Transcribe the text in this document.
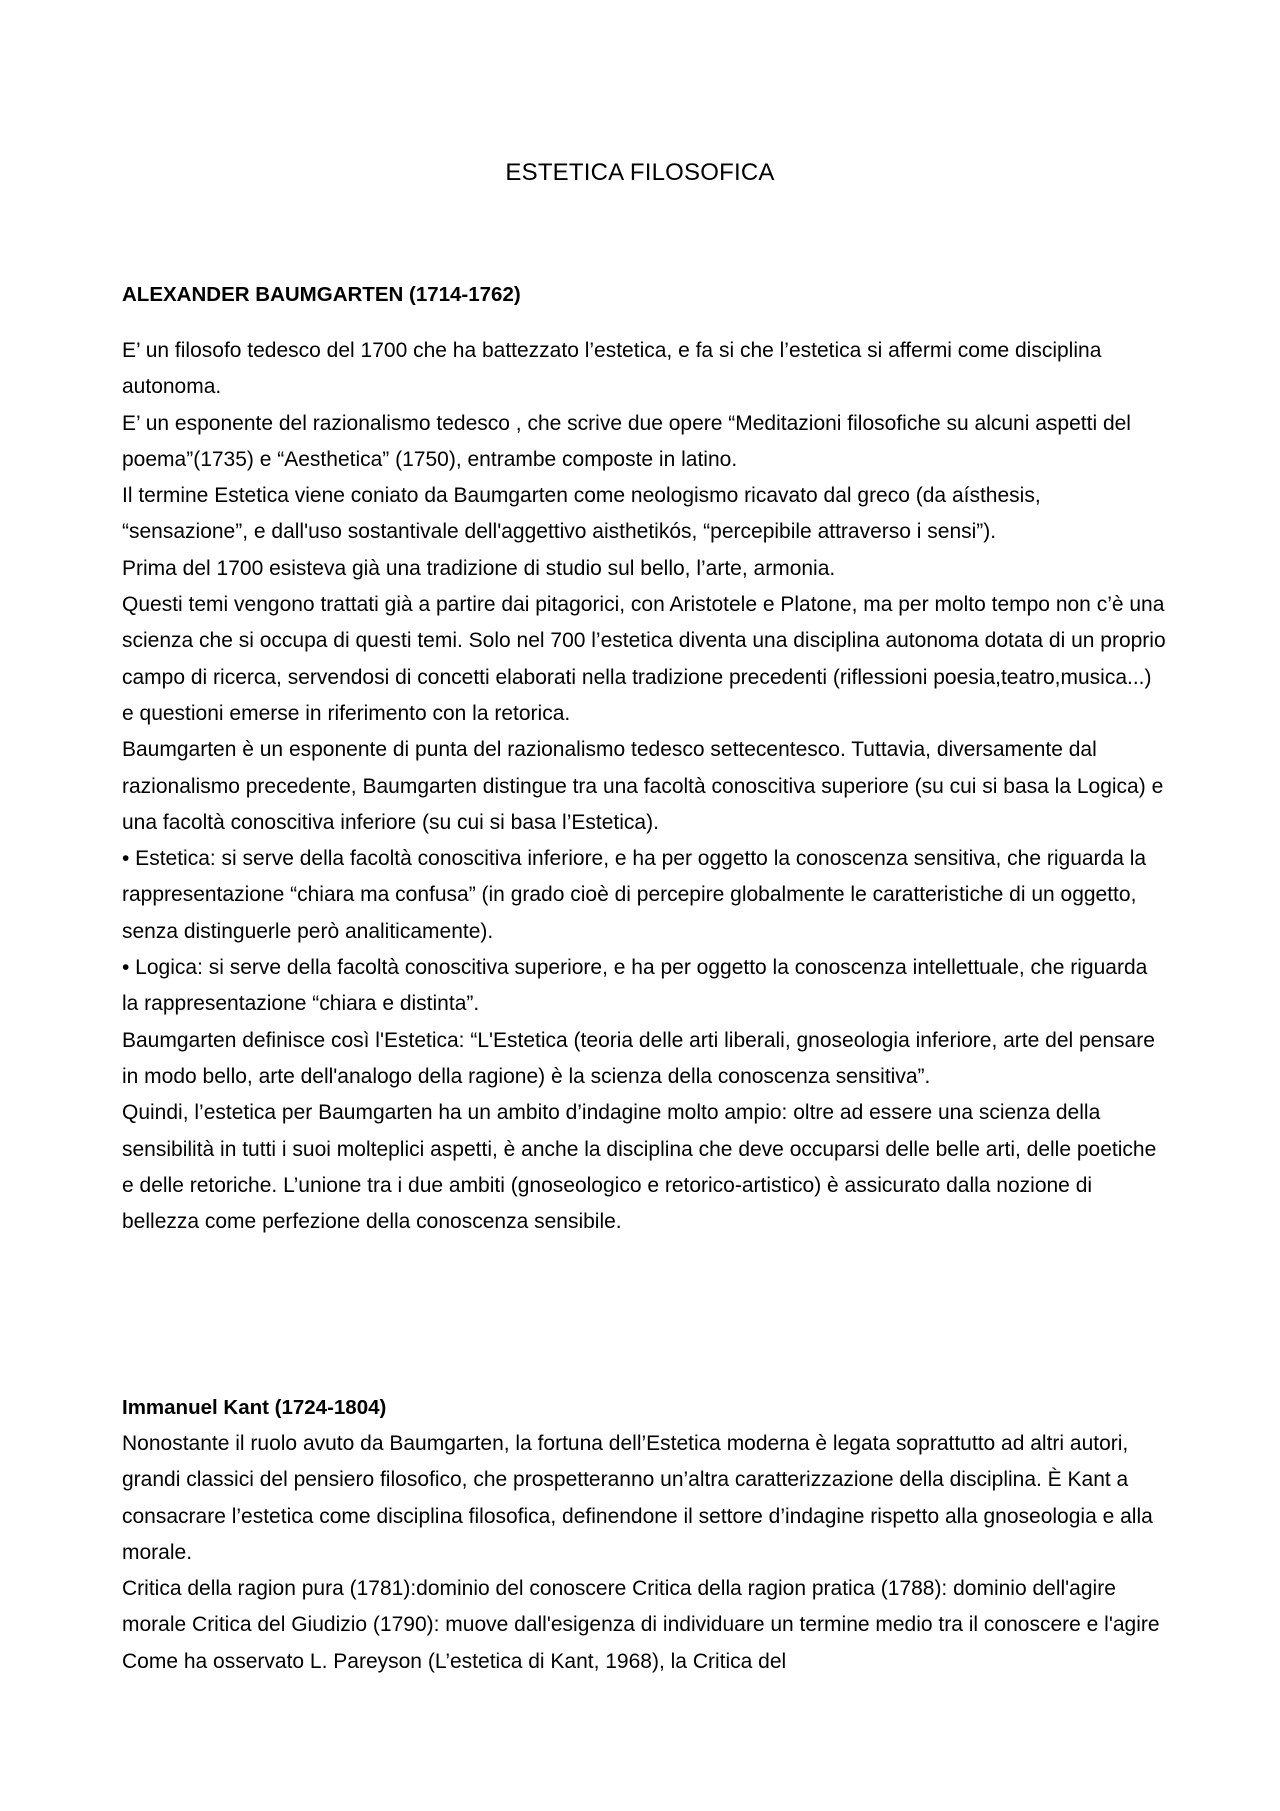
ESTETICA FILOSOFICA

ALEXANDER BAUMGARTEN (1714-1762)

E’ un filosofo tedesco del 1700 che ha battezzato l’estetica, e fa si che l’estetica si affermi come disciplina autonoma.

E’ un esponente del razionalismo tedesco , che scrive due opere “Meditazioni filosofiche su alcuni aspetti del poema”(1735) e “Aesthetica” (1750), entrambe composte in latino.

Il termine Estetica viene coniato da Baumgarten come neologismo ricavato dal greco (da aísthesis, “sensazione”, e dall'uso sostantivale dell'aggettivo aisthetikós, “percepibile attraverso i sensi”).

Prima del 1700 esisteva già una tradizione di studio sul bello, l’arte, armonia.

Questi temi vengono trattati già a partire dai pitagorici, con Aristotele e Platone, ma per molto tempo non c’è una scienza che si occupa di questi temi. Solo nel 700 l’estetica diventa una disciplina autonoma dotata di un proprio campo di ricerca, servendosi di concetti elaborati nella tradizione precedenti (riflessioni poesia,teatro,musica...) e questioni emerse in riferimento con la retorica.

Baumgarten è un esponente di punta del razionalismo tedesco settecentesco. Tuttavia, diversamente dal razionalismo precedente, Baumgarten distingue tra una facoltà conoscitiva superiore (su cui si basa la Logica) e una facoltà conoscitiva inferiore (su cui si basa l’Estetica).

• Estetica: si serve della facoltà conoscitiva inferiore, e ha per oggetto la conoscenza sensitiva, che riguarda la rappresentazione “chiara ma confusa” (in grado cioè di percepire globalmente le caratteristiche di un oggetto, senza distinguerle però analiticamente).

• Logica: si serve della facoltà conoscitiva superiore, e ha per oggetto la conoscenza intellettuale, che riguarda la rappresentazione “chiara e distinta”.

Baumgarten definisce così l'Estetica: “L'Estetica (teoria delle arti liberali, gnoseologia inferiore, arte del pensare in modo bello, arte dell'analogo della ragione) è la scienza della conoscenza sensitiva”.

Quindi, l’estetica per Baumgarten ha un ambito d’indagine molto ampio: oltre ad essere una scienza della sensibilità in tutti i suoi molteplici aspetti, è anche la disciplina che deve occuparsi delle belle arti, delle poetiche e delle retoriche. L’unione tra i due ambiti (gnoseologico e retorico-artistico) è assicurato dalla nozione di bellezza come perfezione della conoscenza sensibile.

Immanuel Kant (1724-1804)

Nonostante il ruolo avuto da Baumgarten, la fortuna dell’Estetica moderna è legata soprattutto ad altri autori, grandi classici del pensiero filosofico, che prospetteranno un’altra caratterizzazione della disciplina. È Kant a consacrare l’estetica come disciplina filosofica, definendone il settore d’indagine rispetto alla gnoseologia e alla morale.

Critica della ragion pura (1781):dominio del conoscere Critica della ragion pratica (1788): dominio dell'agire morale Critica del Giudizio (1790): muove dall'esigenza di individuare un termine medio tra il conoscere e l'agire Come ha osservato L. Pareyson (L’estetica di Kant, 1968), la Critica del
